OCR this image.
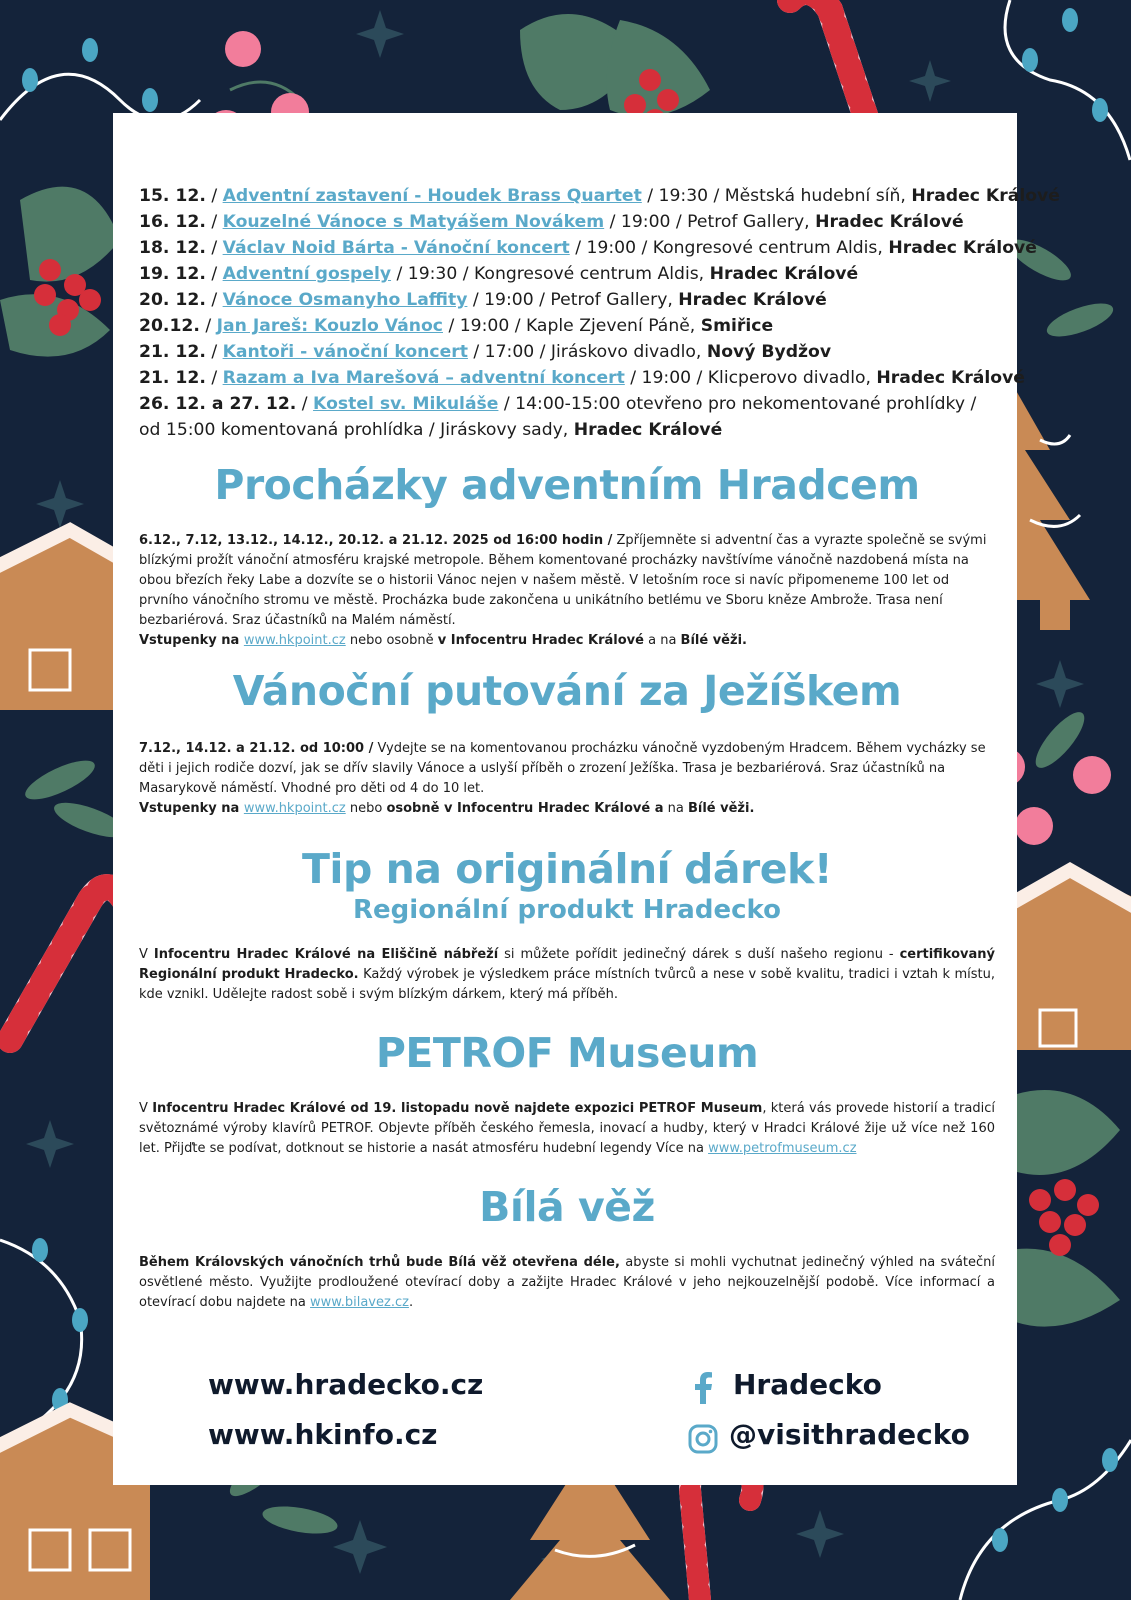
15. 12. / Adventní zastavení - Houdek Brass Quartet / 19:30 / Městská hudební síň, Hradec Králové
16. 12. / Kouzelné Vánoce s Matyášem Novákem / 19:00 / Petrof Gallery, Hradec Králové
18. 12. / Václav Noid Bárta - Vánoční koncert / 19:00 / Kongresové centrum Aldis, Hradec Králové
19. 12. / Adventní gospely / 19:30 / Kongresové centrum Aldis, Hradec Králové
20. 12. / Vánoce Osmanyho Laffity / 19:00 / Petrof Gallery, Hradec Králové
20.12. / Jan Jareš: Kouzlo Vánoc / 19:00 / Kaple Zjevení Páně, Smiřice
21. 12. / Kantoři - vánoční koncert / 17:00 / Jiráskovo divadlo, Nový Bydžov
21. 12. / Razam a Iva Marešová – adventní koncert / 19:00 / Klicperovo divadlo, Hradec Králové
26. 12. a 27. 12. / Kostel sv. Mikuláše / 14:00-15:00 otevřeno pro nekomentované prohlídky /
od 15:00 komentovaná prohlídka / Jiráskovy sady, Hradec Králové
Procházky adventním Hradcem
6.12., 7.12, 13.12., 14.12., 20.12. a 21.12. 2025 od 16:00 hodin / Zpříjemněte si adventní čas a vyrazte společně se svými blízkými prožít vánoční atmosféru krajské metropole. Během komentované procházky navštívíme vánočně nazdobená místa na obou březích řeky Labe a dozvíte se o historii Vánoc nejen v našem městě. V letošním roce si navíc připomeneme 100 let od prvního vánočního stromu ve městě. Procházka bude zakončena u unikátního betlému ve Sboru kněze Ambrože. Trasa není bezbariérová. Sraz účastníků na Malém náměstí.
Vstupenky na www.hkpoint.cz nebo osobně v Infocentru Hradec Králové a na Bílé věži.
Vánoční putování za Ježíškem
7.12., 14.12. a 21.12. od 10:00 / Vydejte se na komentovanou procházku vánočně vyzdobeným Hradcem. Během vycházky se děti i jejich rodiče dozví, jak se dřív slavily Vánoce a uslyší příběh o zrození Ježíška. Trasa je bezbariérová. Sraz účastníků na Masarykově náměstí. Vhodné pro děti od 4 do 10 let.
Vstupenky na www.hkpoint.cz nebo osobně v Infocentru Hradec Králové a na Bílé věži.
Tip na originální dárek!
Regionální produkt Hradecko
V Infocentru Hradec Králové na Eliščině nábřeží si můžete pořídit jedinečný dárek s duší našeho regionu - certifikovaný Regionální produkt Hradecko. Každý výrobek je výsledkem práce místních tvůrců a nese v sobě kvalitu, tradici i vztah k místu, kde vznikl. Udělejte radost sobě i svým blízkým dárkem, který má příběh.
PETROF Museum
V Infocentru Hradec Králové od 19. listopadu nově najdete expozici PETROF Museum, která vás provede historií a tradicí světoznámé výroby klavírů PETROF. Objevte příběh českého řemesla, inovací a hudby, který v Hradci Králové žije už více než 160 let. Přijďte se podívat, dotknout se historie a nasát atmosféru hudební legendy Více na www.petrofmuseum.cz
Bílá věž
Během Královských vánočních trhů bude Bílá věž otevřena déle, abyste si mohli vychutnat jedinečný výhled na sváteční osvětlené město. Využijte prodloužené otevírací doby a zažijte Hradec Králové v jeho nejkouzelnější podobě. Více informací a otevírací dobu najdete na www.bilavez.cz.
www.hradecko.cz
www.hkinfo.cz
Hradecko
@visithradecko
